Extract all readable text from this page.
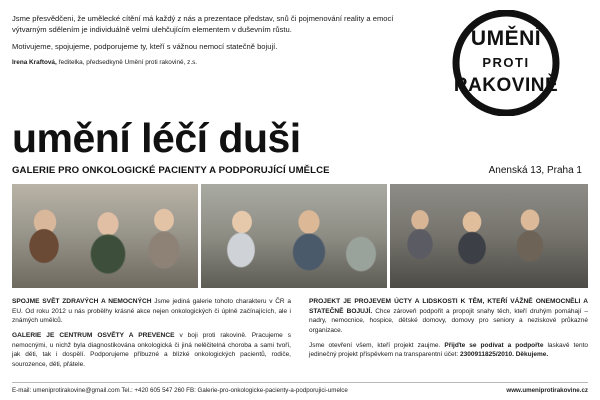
Jsme přesvědčeni, že umělecké cítění má každý z nás a prezentace představ, snů či pojmenování reality a emocí výtvarným sdělením je individuálně velmi ulehčujícím elementem v duševním růstu.

Motivujeme, spojujeme, podporujeme ty, kteří s vážnou nemocí statečně bojují.

Irena Kraftová, ředitelka, předsedkyně Umění proti rakovině, z.s.
UMĚNÍ
PROTI
RAKOVINĚ
umění léčí duši
GALERIE PRO ONKOLOGICKÉ PACIENTY A PODPORUJÍCÍ UMĚLCE	Anenská 13, Praha 1

SPOJME SVĚT ZDRAVÝCH A NEMOCNÝCH Jsme jediná galerie tohoto charakteru v ČR a EU. Od roku 2012 u nás probělhy krásné akce nejen onkologických či úplně začínajících, ale i známých umělců.

GALERIE JE CENTRUM OSVĚTY A PREVENCE v boji proti rakovině. Pracujeme s nemocnými, u nichž byla diagnostikována onkologická či jiná nelěčitelná choroba a sami tvoří, jak děti, tak i dospělí. Podporujeme příbuzné a blízké onkologických pacientů, rodiče, sourozence, děti, přátele.

PROJEKT JE PROJEVEM ÚCTY A LIDSKOSTI K TĚM, KTEŘÍ VÁŽNĚ ONEMOCNĚLI A STATEČNĚ BOJUJÍ. Chce zároveň podpořit a propojit snahy těch, kteří druhým pomáhají – nadry, nemocnice, hospice, dětské domovy, domovy pro seniory a neziskové průkazné organizace.

Jsme otevření všem, kteří projekt zaujme. Přijďte se podívat a podpořte laskavě tento jedinečný projekt příspěvkem na transparentní účet: 2300911825/2010. Děkujeme.

E-mail: umeniprotirakovine@gmail.com Tel.: +420 605 547 260 FB: Galerie-pro-onkologicke-pacienty-a-podporujici-umelce	www.umeniprotirakovine.cz
